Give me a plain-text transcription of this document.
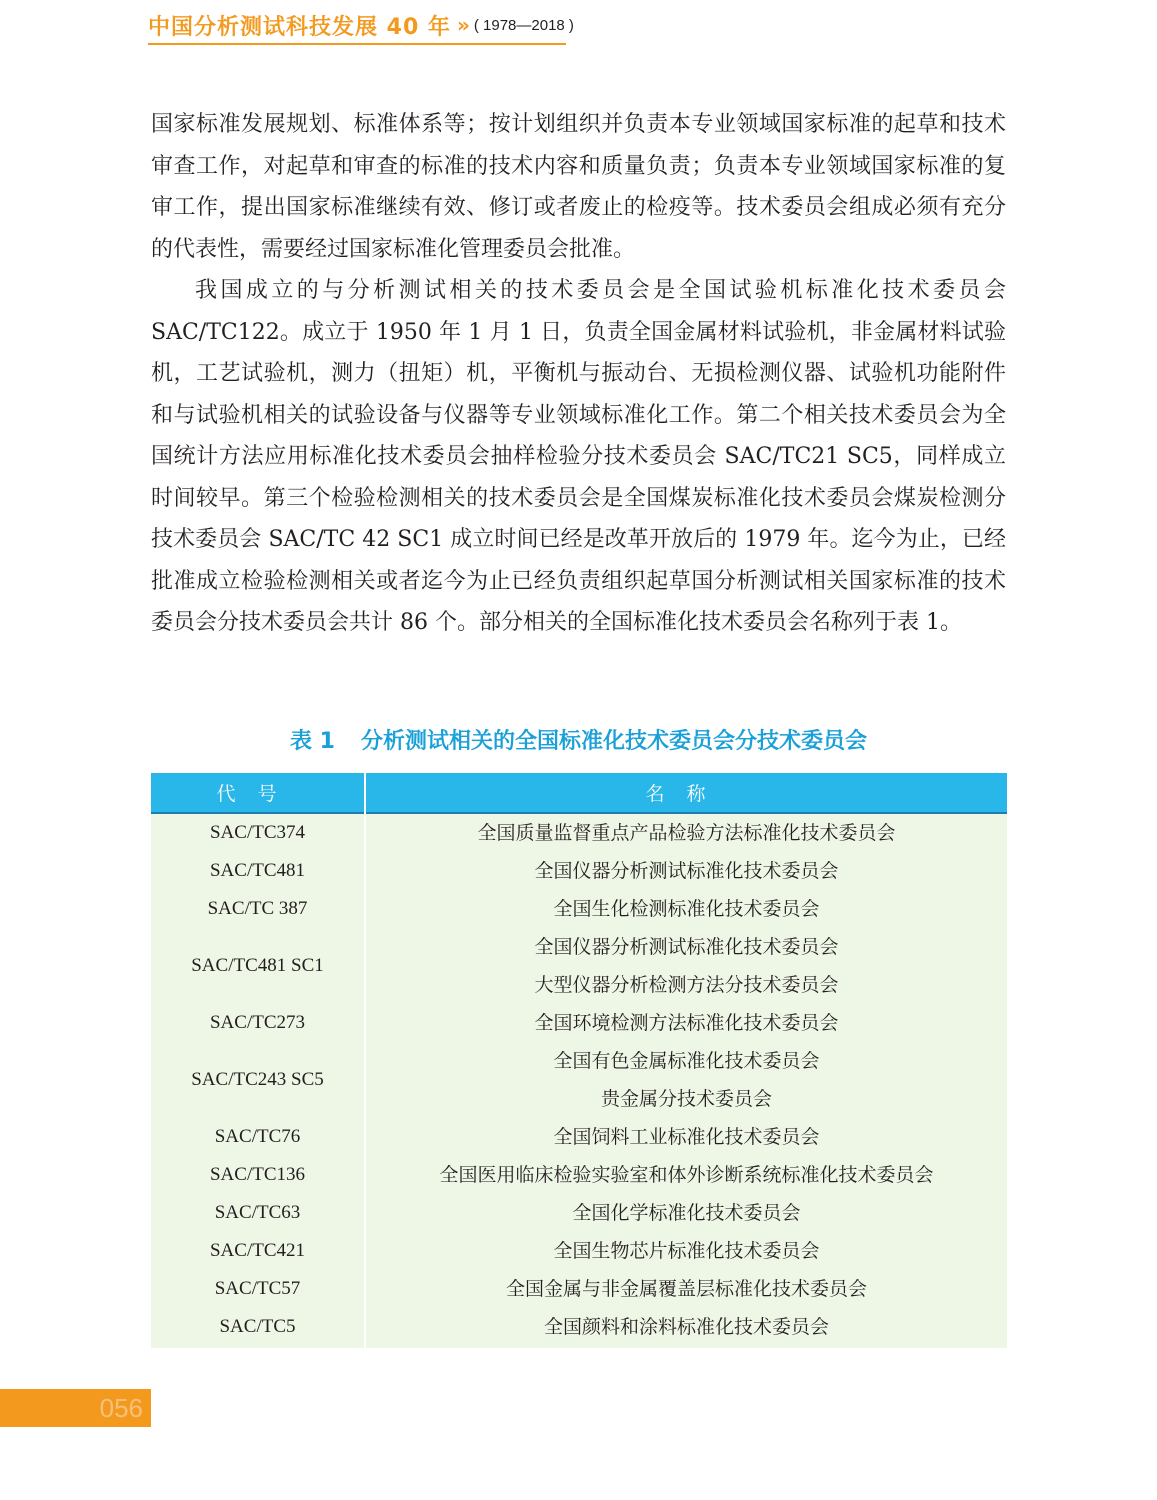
中国分析测试科技发展 40 年 » ( 1978—2018 )

国家标准发展规划、标准体系等；按计划组织并负责本专业领域国家标准的起草和技术审查工作，对起草和审查的标准的技术内容和质量负责；负责本专业领域国家标准的复审工作，提出国家标准继续有效、修订或者废止的检疫等。技术委员会组成必须有充分的代表性，需要经过国家标准化管理委员会批准。

我国成立的与分析测试相关的技术委员会是全国试验机标准化技术委员会 SAC/TC122。成立于 1950 年 1 月 1 日，负责全国金属材料试验机，非金属材料试验机，工艺试验机，测力（扭矩）机，平衡机与振动台、无损检测仪器、试验机功能附件和与试验机相关的试验设备与仪器等专业领域标准化工作。第二个相关技术委员会为全国统计方法应用标准化技术委员会抽样检验分技术委员会 SAC/TC21 SC5，同样成立时间较早。第三个检验检测相关的技术委员会是全国煤炭标准化技术委员会煤炭检测分技术委员会 SAC/TC 42 SC1 成立时间已经是改革开放后的 1979 年。迄今为止，已经批准成立检验检测相关或者迄今为止已经负责组织起草国分析测试相关国家标准的技术委员会分技术委员会共计 86 个。部分相关的全国标准化技术委员会名称列于表 1。

表 1 分析测试相关的全国标准化技术委员会分技术委员会
代号	名称
SAC/TC374	全国质量监督重点产品检验方法标准化技术委员会

SAC/TC481	全国仪器分析测试标准化技术委员会

SAC/TC 387	全国生化检测标准化技术委员会

SAC/TC481 SC1	全国仪器分析测试标准化技术委员会
大型仪器分析检测方法分技术委员会

SAC/TC273	全国环境检测方法标准化技术委员会

SAC/TC243 SC5	全国有色金属标准化技术委员会
贵金属分技术委员会

SAC/TC76	全国饲料工业标准化技术委员会

SAC/TC136	全国医用临床检验实验室和体外诊断系统标准化技术委员会

SAC/TC63	全国化学标准化技术委员会

SAC/TC421	全国生物芯片标准化技术委员会

SAC/TC57	全国金属与非金属覆盖层标准化技术委员会

SAC/TC5	全国颜料和涂料标准化技术委员会
056
